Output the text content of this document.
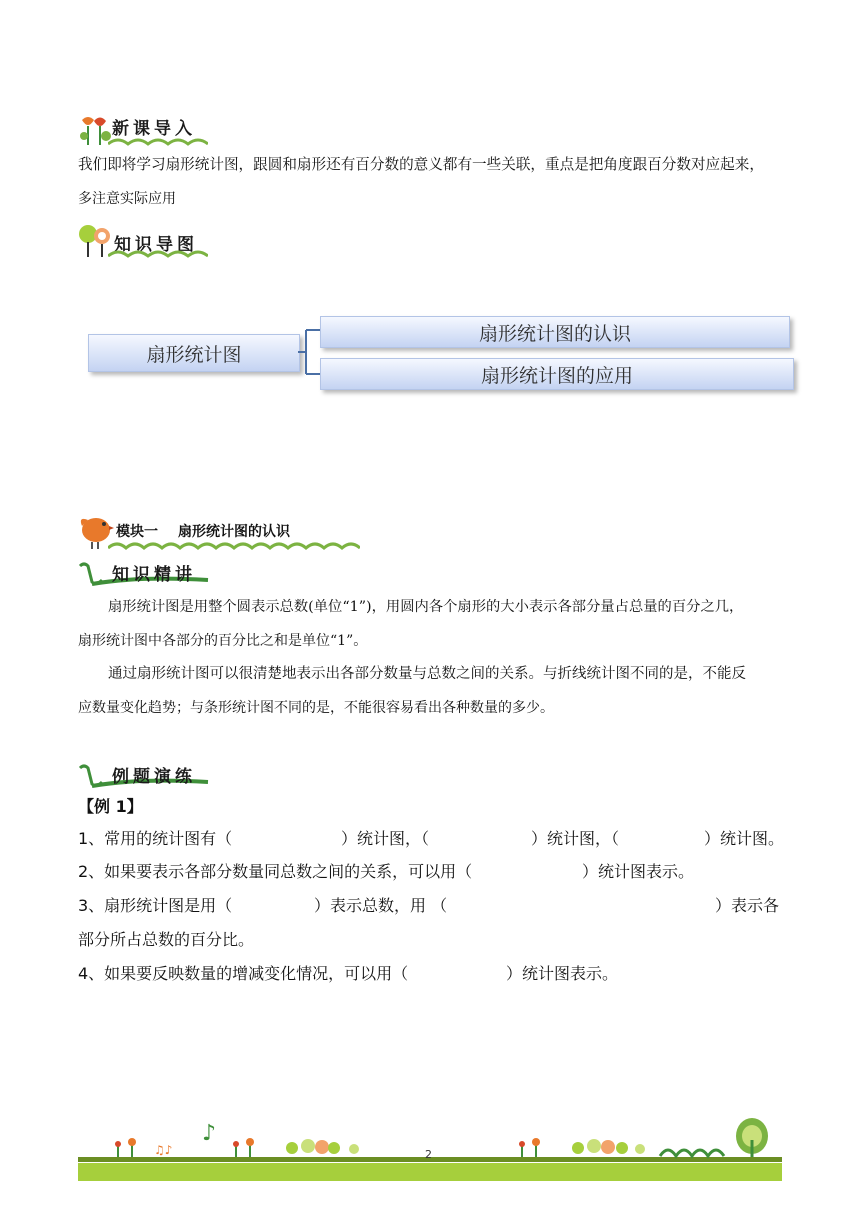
新课导入
我们即将学习扇形统计图，跟圆和扇形还有百分数的意义都有一些关联，重点是把角度跟百分数对应起来，
多注意实际应用
知识导图
扇形统计图
扇形统计图的认识
扇形统计图的应用
模块一 扇形统计图的认识
知识精讲
扇形统计图是用整个圆表示总数(单位“1”)，用圆内各个扇形的大小表示各部分量占总量的百分之几，
扇形统计图中各部分的百分比之和是单位“1”。
通过扇形统计图可以很清楚地表示出各部分数量与总数之间的关系。与折线统计图不同的是，不能反
应数量变化趋势；与条形统计图不同的是，不能很容易看出各种数量的多少。
例题演练
【例 1】
1、常用的统计图有（	）统计图，（	）统计图，（	）统计图。
2、如果要表示各部分数量同总数之间的关系，可以用（	）统计图表示。
3、扇形统计图是用（	）表示总数，用 （	）表示各
部分所占总数的百分比。
4、如果要反映数量的增减变化情况，可以用（	）统计图表示。
♫♪
♪
2
